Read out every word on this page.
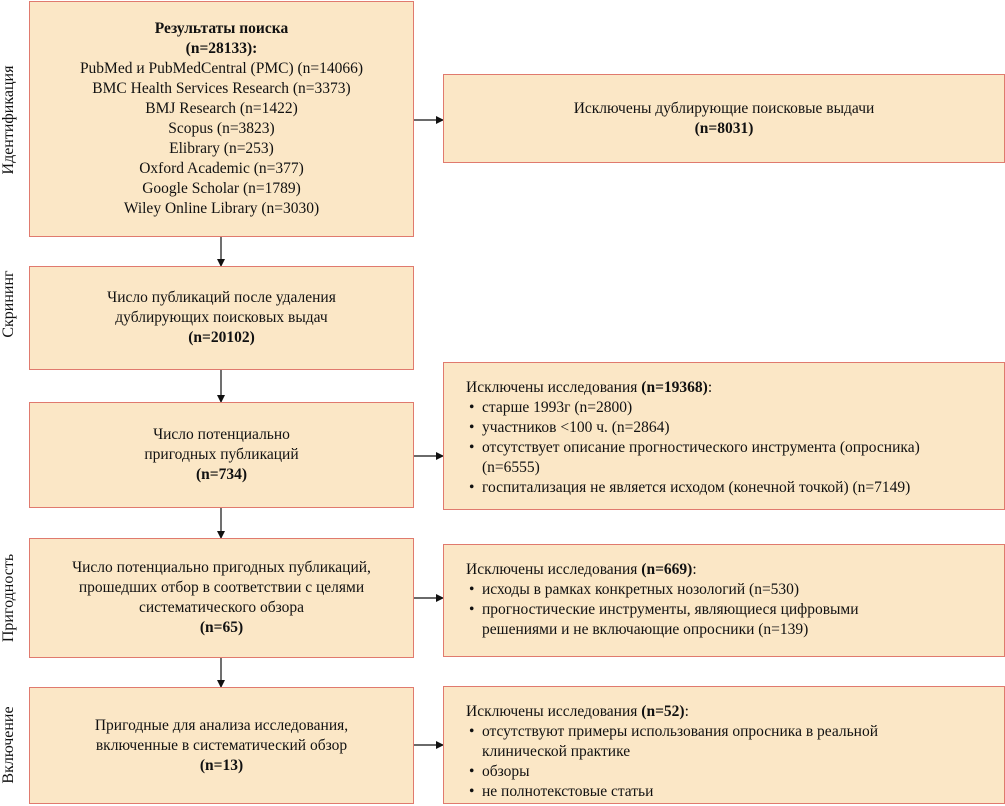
Идентификация
Скрининг
Пригодность
Включение
Результаты поиска
(n=28133):
PubMed и PubMedCentral (PMC) (n=14066)
BMC Health Services Research (n=3373)
BMJ Research (n=1422)
Scopus (n=3823)
Elibrary (n=253)
Oxford Academic (n=377)
Google Scholar (n=1789)
Wiley Online Library (n=3030)
Исключены дублирующие поисковые выдачи
(n=8031)
Число публикаций после удаления
дублирующих поисковых выдач
(n=20102)
Число потенциально
пригодных публикаций
(n=734)
Исключены исследования (n=19368):
• старше 1993г (n=2800)
• участников <100 ч. (n=2864)
• отсутствует описание прогностического инструмента (опросника) (n=6555)
• госпитализация не является исходом (конечной точкой) (n=7149)
Число потенциально пригодных публикаций,
прошедших отбор в соответствии с целями
систематического обзора
(n=65)
Исключены исследования (n=669):
• исходы в рамках конкретных нозологий (n=530)
• прогностические инструменты, являющиеся цифровыми решениями и не включающие опросники (n=139)
Пригодные для анализа исследования,
включенные в систематический обзор
(n=13)
Исключены исследования (n=52):
• отсутствуют примеры использования опросника в реальной клинической практике
• обзоры
• не полнотекстовые статьи
